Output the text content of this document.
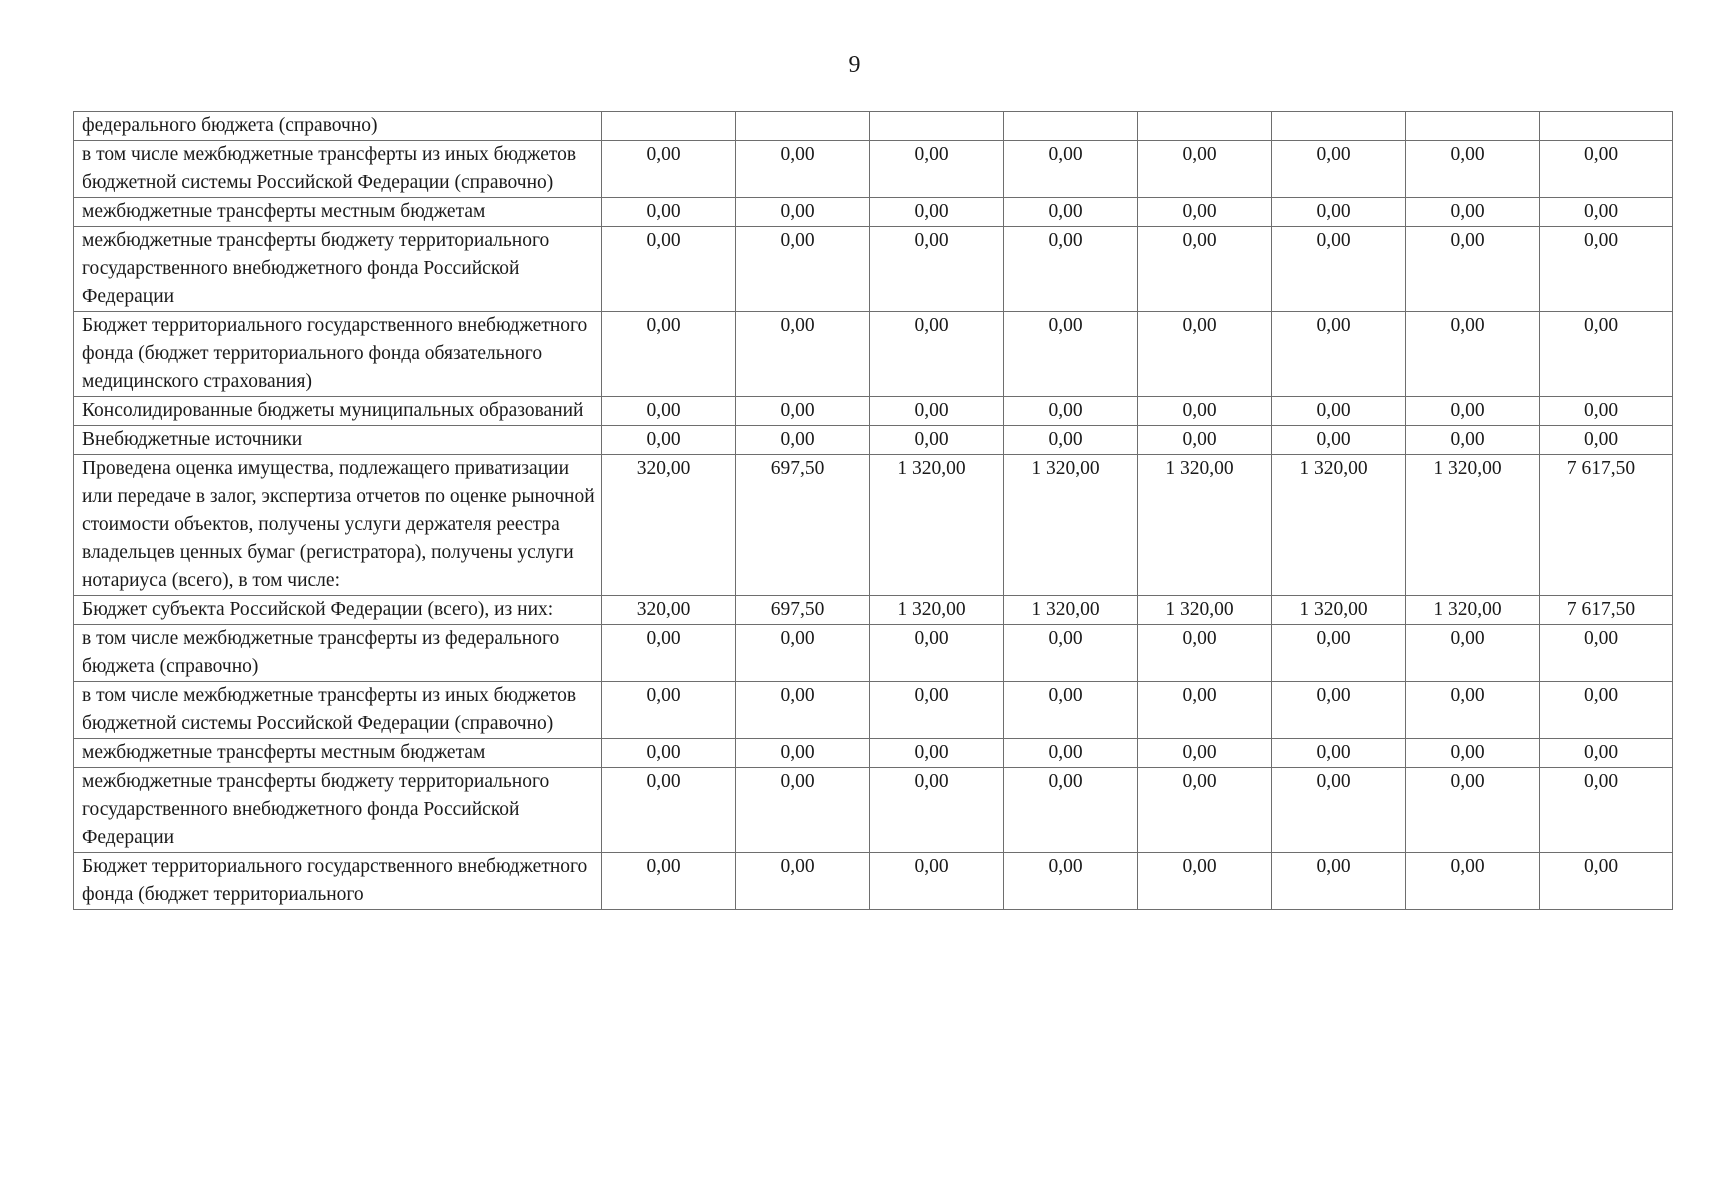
9
федерального бюджета (справочно)								
в том числе межбюджетные трансферты из иных бюджетов бюджетной системы Российской Федерации (справочно)	0,00	0,00	0,00	0,00	0,00	0,00	0,00	0,00
межбюджетные трансферты местным бюджетам	0,00	0,00	0,00	0,00	0,00	0,00	0,00	0,00
межбюджетные трансферты бюджету территориального государственного внебюджетного фонда Российской Федерации	0,00	0,00	0,00	0,00	0,00	0,00	0,00	0,00
Бюджет территориального государственного внебюджетного фонда (бюджет территориального фонда обязательного медицинского страхования)	0,00	0,00	0,00	0,00	0,00	0,00	0,00	0,00
Консолидированные бюджеты муниципальных образований	0,00	0,00	0,00	0,00	0,00	0,00	0,00	0,00
Внебюджетные источники	0,00	0,00	0,00	0,00	0,00	0,00	0,00	0,00
Проведена оценка имущества, подлежащего приватизации или передаче в залог, экспертиза отчетов по оценке рыночной стоимости объектов, получены услуги держателя реестра владельцев ценных бумаг (регистратора), получены услуги нотариуса (всего), в том числе:	320,00	697,50	1 320,00	1 320,00	1 320,00	1 320,00	1 320,00	7 617,50
Бюджет субъекта Российской Федерации (всего), из них:	320,00	697,50	1 320,00	1 320,00	1 320,00	1 320,00	1 320,00	7 617,50
в том числе межбюджетные трансферты из федерального бюджета (справочно)	0,00	0,00	0,00	0,00	0,00	0,00	0,00	0,00
в том числе межбюджетные трансферты из иных бюджетов бюджетной системы Российской Федерации (справочно)	0,00	0,00	0,00	0,00	0,00	0,00	0,00	0,00
межбюджетные трансферты местным бюджетам	0,00	0,00	0,00	0,00	0,00	0,00	0,00	0,00
межбюджетные трансферты бюджету территориального государственного внебюджетного фонда Российской Федерации	0,00	0,00	0,00	0,00	0,00	0,00	0,00	0,00
Бюджет территориального государственного внебюджетного фонда (бюджет территориального	0,00	0,00	0,00	0,00	0,00	0,00	0,00	0,00
